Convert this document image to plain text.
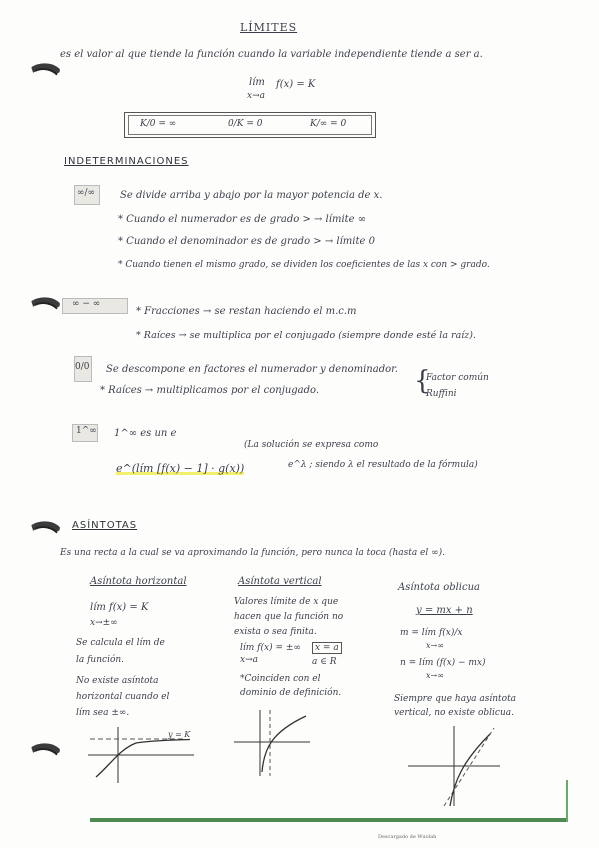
LÍMITES
es el valor al que tiende la función cuando la variable independiente tiende a ser a.
lím f(x) = K
x→a
K/0 = ∞	0/K = 0	K/∞ = 0
INDETERMINACIONES
∞/∞ Se divide arriba y abajo por la mayor potencia de x.
* Cuando el numerador es de grado > → límite ∞
* Cuando el denominador es de grado > → límite 0
* Cuando tienen el mismo grado, se dividen los coeficientes de las x con > grado.
∞ − ∞
* Fracciones → se restan haciendo el m.c.m
* Raíces → se multiplica por el conjugado (siempre donde esté la raíz).
0/0 Se descompone en factores el numerador y denominador.
* Raíces → multiplicamos por el conjugado.	{
Factor común
Ruffini
1^∞ 1^∞ es un e
e^(lím [f(x) − 1] · g(x))
(La solución se expresa como
e^λ ; siendo λ el resultado de la fórmula)
ASÍNTOTAS
Es una recta a la cual se va aproximando la función, pero nunca la toca (hasta el ∞).
Asíntota horizontal
lím f(x) = K
x→±∞
Se calcula el lím de
la función.
No existe asíntota
horizontal cuando el
lím sea ±∞.
y = K
Asíntota vertical
Valores límite de x que
hacen que la función no
exista o sea finita.
lím f(x) = ±∞
x→a
x = a
a ∈ R
*Coinciden con el
dominio de definición.
Asíntota oblicua
y = mx + n
m = lím f(x)/x
x→∞
n = lím (f(x) − mx)
x→∞
Siempre que haya asíntota
vertical, no existe oblicua.
Descargado de Wuolah
